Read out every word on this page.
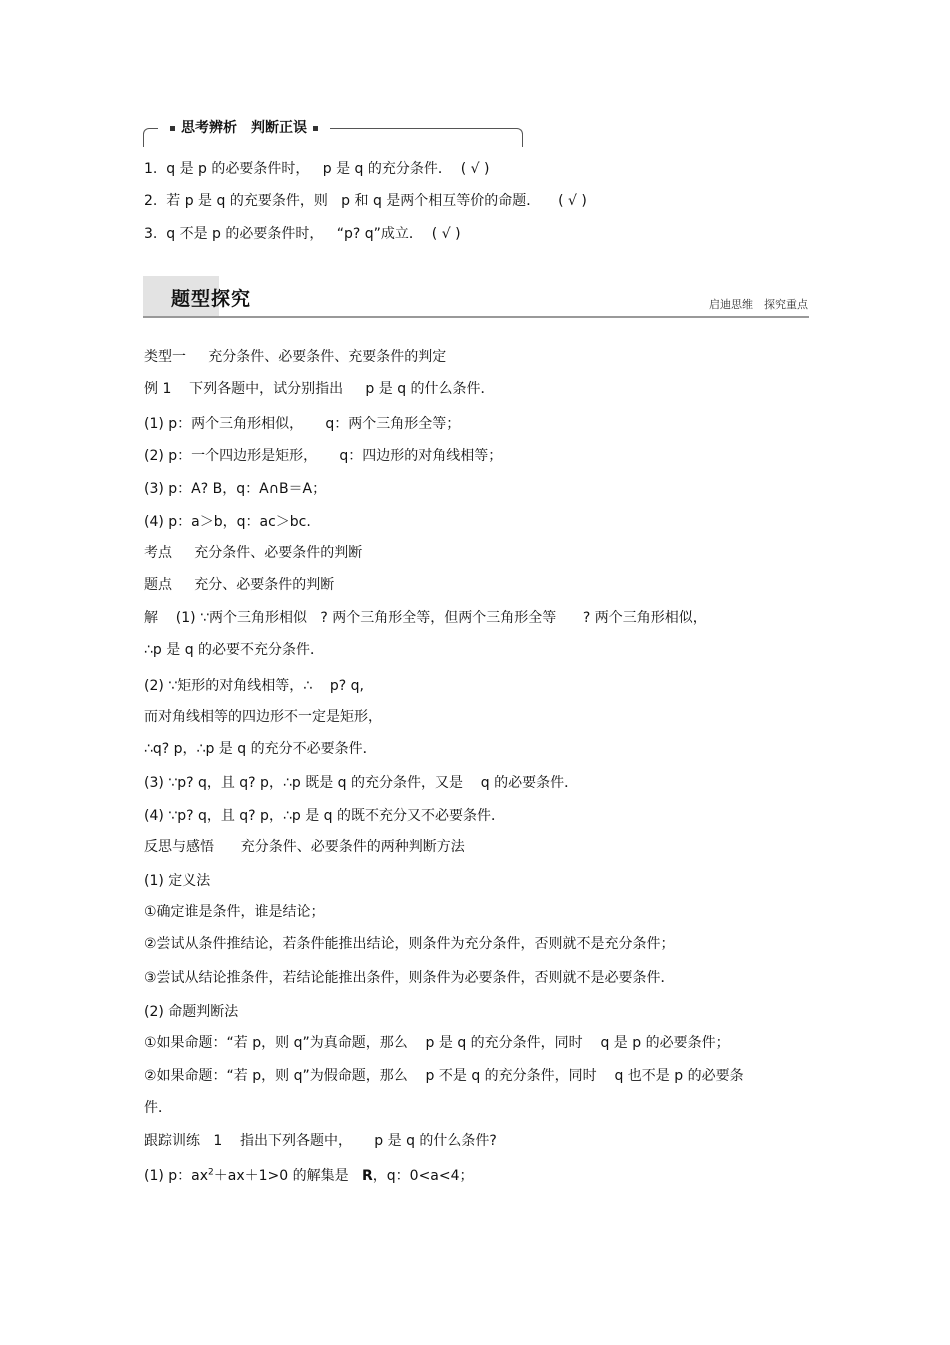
思考辨析　判断正误
1.  q 是 p 的必要条件时，   p 是 q 的充分条件．  ( √ )
2.  若 p 是 q 的充要条件，则   p 和 q 是两个相互等价的命题．    ( √ )
3.  q 不是 p 的必要条件时，   “p? q”成立．  ( √ )
题型探究	启迪思维　探究重点
类型一     充分条件、必要条件、充要条件的判定
例 1    下列各题中，试分别指出     p 是 q 的什么条件．
(1) p：两个三角形相似，     q：两个三角形全等；
(2) p：一个四边形是矩形，     q：四边形的对角线相等；
(3) p：A? B，q：A∩B＝A；
(4) p：a＞b，q：ac＞bc.
考点     充分条件、必要条件的判断
题点     充分、必要条件的判断
解    (1) ∵两个三角形相似   ? 两个三角形全等，但两个三角形全等      ? 两个三角形相似，
∴p 是 q 的必要不充分条件．
(2) ∵矩形的对角线相等，∴    p? q,
而对角线相等的四边形不一定是矩形，
∴q? p，∴p 是 q 的充分不必要条件．
(3) ∵p? q，且 q? p，∴p 既是 q 的充分条件，又是    q 的必要条件．
(4) ∵p? q，且 q? p，∴p 是 q 的既不充分又不必要条件．
反思与感悟      充分条件、必要条件的两种判断方法
(1) 定义法
①确定谁是条件，谁是结论；
②尝试从条件推结论，若条件能推出结论，则条件为充分条件，否则就不是充分条件；
③尝试从结论推条件，若结论能推出条件，则条件为必要条件，否则就不是必要条件．
(2) 命题判断法
①如果命题：“若 p，则 q”为真命题，那么    p 是 q 的充分条件，同时    q 是 p 的必要条件；
②如果命题：“若 p，则 q”为假命题，那么    p 不是 q 的充分条件，同时    q 也不是 p 的必要条
件．
跟踪训练   1    指出下列各题中，     p 是 q 的什么条件?
(1) p：$ax^2+ax+1>0$ 的解集是   R，q：0<a<4；
